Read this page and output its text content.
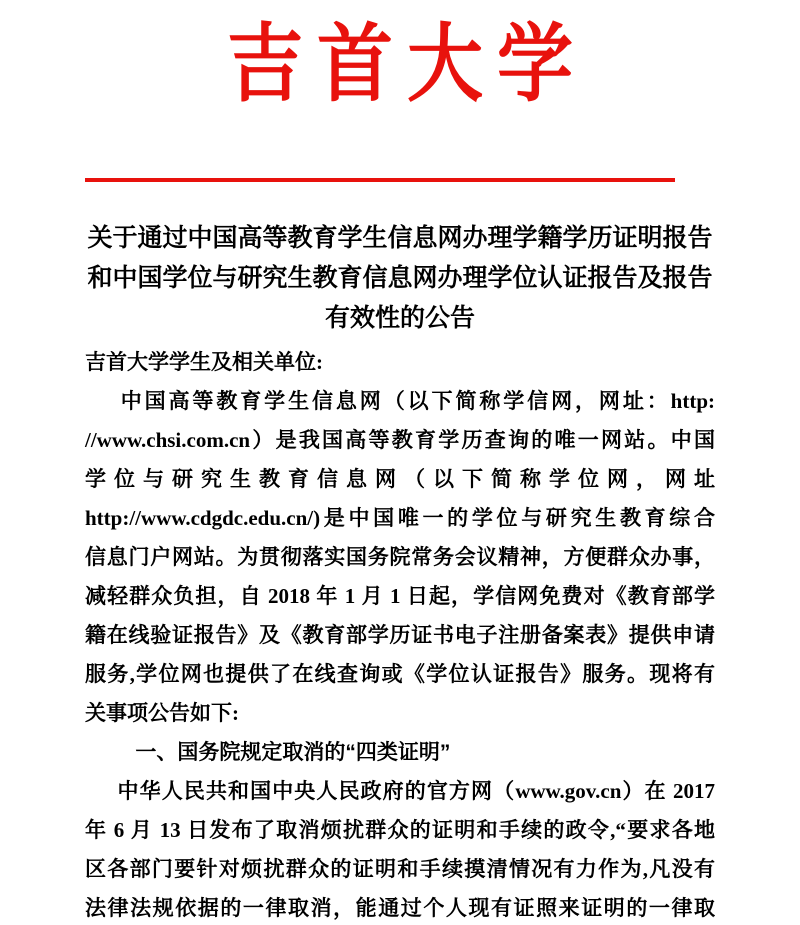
吉首大学
关于通过中国高等教育学生信息网办理学籍学历证明报告
和中国学位与研究生教育信息网办理学位认证报告及报告
有效性的公告
吉首大学学生及相关单位:
中国高等教育学生信息网（以下简称学信网，网址：http:
//www.chsi.com.cn）是我国高等教育学历查询的唯一网站。中国
学位与研究生教育信息网（以下简称学位网，网址
http://www.cdgdc.edu.cn/)是中国唯一的学位与研究生教育综合
信息门户网站。为贯彻落实国务院常务会议精神，方便群众办事，
减轻群众负担，自 2018 年 1 月 1 日起，学信网免费对《教育部学
籍在线验证报告》及《教育部学历证书电子注册备案表》提供申请
服务,学位网也提供了在线查询或《学位认证报告》服务。现将有
关事项公告如下:
一、国务院规定取消的“四类证明”
中华人民共和国中央人民政府的官方网（www.gov.cn）在 2017
年 6 月 13 日发布了取消烦扰群众的证明和手续的政令,“要求各地
区各部门要针对烦扰群众的证明和手续摸清情况有力作为,凡没有
法律法规依据的一律取消，能通过个人现有证照来证明的一律取
